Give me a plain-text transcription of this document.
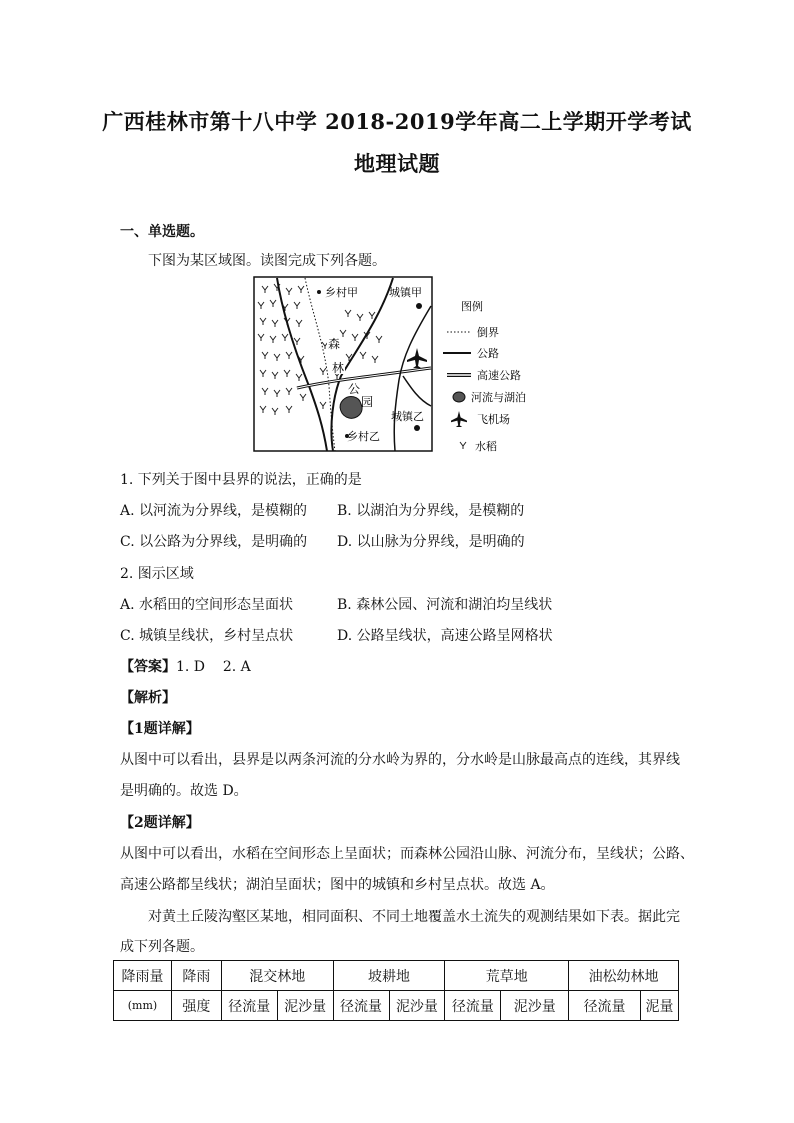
广西桂林市第十八中学 2018-2019学年高二上学期开学考试
地理试题
一、单选题。
下图为某区域图。读图完成下列各题。
乡村甲	城镇甲
森
林
公
园
城镇乙
乡村乙
图例
倒界
公路
高速公路
河流与湖泊
飞机场
水稻
1. 下列关于图中县界的说法，正确的是
A. 以河流为分界线，是模糊的 B. 以湖泊为分界线，是模糊的
C. 以公路为分界线，是明确的 D. 以山脉为分界线，是明确的
2. 图示区域
A. 水稻田的空间形态呈面状	B. 森林公园、河流和湖泊均呈线状
C. 城镇呈线状，乡村呈点状	D. 公路呈线状，高速公路呈网格状
【答案】1. D    2. A
【解析】
【1题详解】
从图中可以看出，县界是以两条河流的分水岭为界的，分水岭是山脉最高点的连线，其界线
是明确的。故选 D。
【2题详解】
从图中可以看出，水稻在空间形态上呈面状；而森林公园沿山脉、河流分布，呈线状；公路、
高速公路都呈线状；湖泊呈面状；图中的城镇和乡村呈点状。故选 A。
对黄土丘陵沟壑区某地，相同面积、不同土地覆盖水土流失的观测结果如下表。据此完
成下列各题。
降雨量	降雨	混交林地		坡耕地		荒草地		油松幼林地	
(mm)	强度	径流量	泥沙量	径流量	泥沙量	径流量	泥沙量	径流量	泥量
